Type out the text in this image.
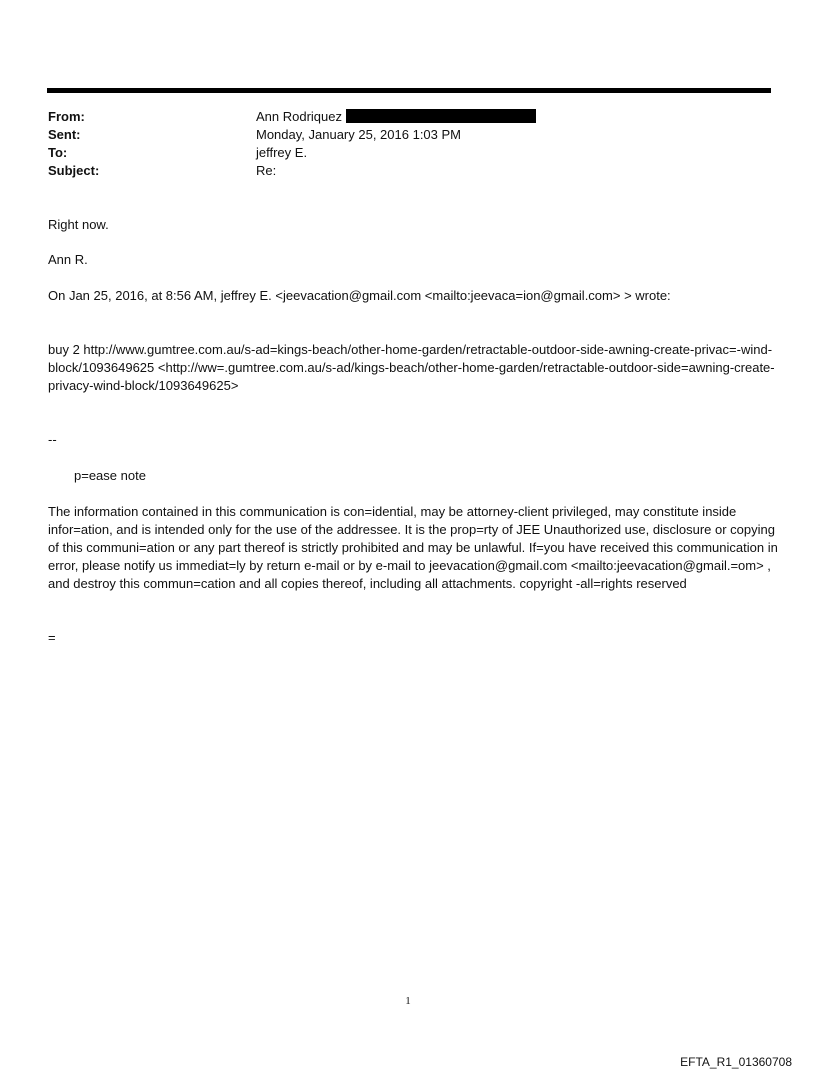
From:	Ann Rodriquez
Sent:	Monday, January 25, 2016 1:03 PM
To:	jeffrey E.
Subject:	Re:
Right now.
Ann R.
On Jan 25, 2016, at 8:56 AM, jeffrey E. <jeevacation@gmail.com <mailto:jeevaca=ion@gmail.com> > wrote:
buy 2 http://www.gumtree.com.au/s-ad=kings-beach/other-home-garden/retractable-outdoor-side-awning-create-privac=-wind-block/1093649625 <http://ww=.gumtree.com.au/s-ad/kings-beach/other-home-garden/retractable-outdoor-side=awning-create-privacy-wind-block/1093649625>
--
p=ease note
The information contained in this communication is con=idential, may be attorney-client privileged, may constitute inside infor=ation, and is intended only for the use of the addressee. It is the prop=rty of JEE Unauthorized use, disclosure or copying of this communi=ation or any part thereof is strictly prohibited and may be unlawful. If=you have received this communication in error, please notify us immediat=ly by return e-mail or by e-mail to jeevacation@gmail.com <mailto:jeevacation@gmail.=om> , and destroy this commun=cation and all copies thereof, including all attachments. copyright -all=rights reserved
=
1
EFTA_R1_01360708
